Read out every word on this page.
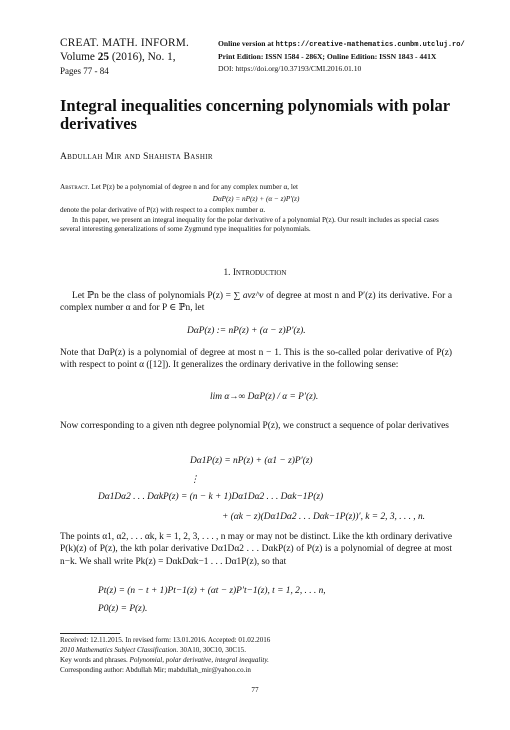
CREAT. MATH. INFORM.
Volume 25 (2016), No. 1,
Pages 77 - 84
Online version at https://creative-mathematics.cunbm.utcluj.ro/
Print Edition: ISSN 1584 - 286X; Online Edition: ISSN 1843 - 441X
DOI: https://doi.org/10.37193/CMI.2016.01.10
Integral inequalities concerning polynomials with polar derivatives
Abdullah Mir and Shahista Bashir

Abstract. Let P(z) be a polynomial of degree n and for any complex number α, let

DαP(z) = nP(z) + (α − z)P′(z)

denote the polar derivative of P(z) with respect to a complex number α.

In this paper, we present an integral inequality for the polar derivative of a polynomial P(z). Our result includes as special cases several interesting generalizations of some Zygmund type inequalities for polynomials.

1. Introduction

Let ℙn be the class of polynomials P(z) = ∑ aνz^ν of degree at most n and P′(z) its derivative. For a complex number α and for P ∈ ℙn, let

DαP(z) := nP(z) + (α − z)P′(z).
Note that DαP(z) is a polynomial of degree at most n − 1. This is the so-called polar derivative of P(z) with respect to point α ([12]). It generalizes the ordinary derivative in the following sense:
lim α→∞ DαP(z) / α = P′(z).
Now corresponding to a given nth degree polynomial P(z), we construct a sequence of polar derivatives
Dα1P(z) = nP(z) + (α1 − z)P′(z)
⋮
Dα1Dα2 . . . DαkP(z) = (n − k + 1)Dα1Dα2 . . . Dαk−1P(z)
+ (αk − z)(Dα1Dα2 . . . Dαk−1P(z))′, k = 2, 3, . . . , n.
The points α1, α2, . . . αk, k = 1, 2, 3, . . . , n may or may not be distinct. Like the kth ordinary derivative P(k)(z) of P(z), the kth polar derivative Dα1Dα2 . . . DαkP(z) of P(z) is a polynomial of degree at most n−k. We shall write Pk(z) = DαkDαk−1 . . . Dα1P(z), so that
Pt(z) = (n − t + 1)Pt−1(z) + (αt − z)P′t−1(z), t = 1, 2, . . . n,
P0(z) = P(z).
Received: 12.11.2015. In revised form: 13.01.2016. Accepted: 01.02.2016
2010 Mathematics Subject Classification. 30A10, 30C10, 30C15.
Key words and phrases. Polynomial, polar derivative, integral inequality.
Corresponding author: Abdullah Mir; mabdullah_mir@yahoo.co.in
77
